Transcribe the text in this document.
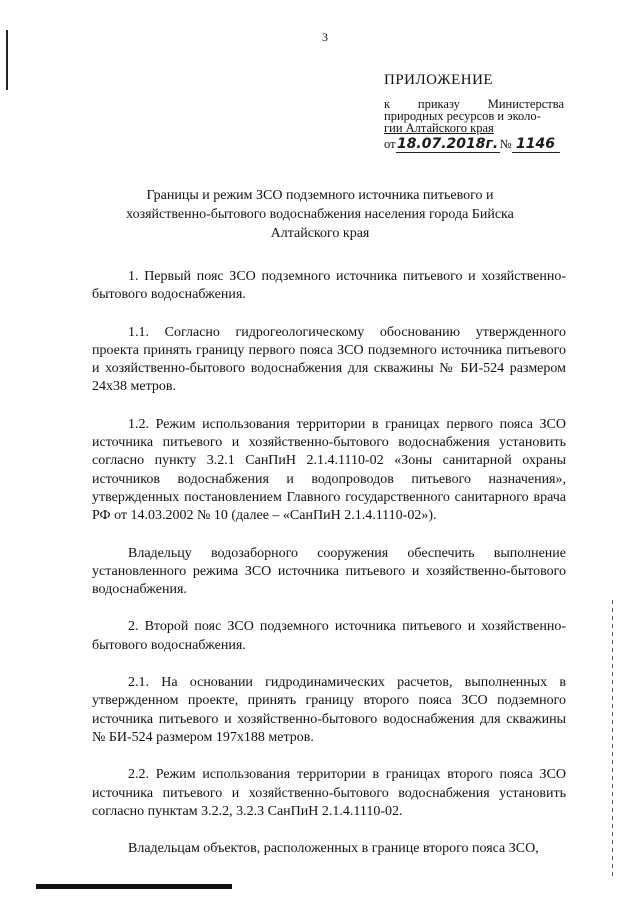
3
ПРИЛОЖЕНИЕ
к приказу Министерства
природных ресурсов и эколо-
гии Алтайского края
от18.07.2018г.№ 1146
Границы и режим ЗСО подземного источника питьевого и
хозяйственно-бытового водоснабжения населения города Бийска
Алтайского края

1. Первый пояс ЗСО подземного источника питьевого и хозяйственно-бытового водоснабжения.

1.1. Согласно гидрогеологическому обоснованию утвержденного проекта принять границу первого пояса ЗСО подземного источника питьевого и хозяйственно-бытового водоснабжения для скважины № БИ-524 размером 24х38 метров.

1.2. Режим использования территории в границах первого пояса ЗСО источника питьевого и хозяйственно-бытового водоснабжения установить согласно пункту 3.2.1 СанПиН 2.1.4.1110-02 «Зоны санитарной охраны источников водоснабжения и водопроводов питьевого назначения», утвержденных постановлением Главного государственного санитарного врача РФ от 14.03.2002 № 10 (далее – «СанПиН 2.1.4.1110-02»).

Владельцу водозаборного сооружения обеспечить выполнение установленного режима ЗСО источника питьевого и хозяйственно-бытового водоснабжения.

2. Второй пояс ЗСО подземного источника питьевого и хозяйственно-бытового водоснабжения.

2.1. На основании гидродинамических расчетов, выполненных в утвержденном проекте, принять границу второго пояса ЗСО подземного источника питьевого и хозяйственно-бытового водоснабжения для скважины № БИ-524 размером 197х188 метров.

2.2. Режим использования территории в границах второго пояса ЗСО источника питьевого и хозяйственно-бытового водоснабжения установить согласно пунктам 3.2.2, 3.2.3 СанПиН 2.1.4.1110-02.

Владельцам объектов, расположенных в границе второго пояса ЗСО,
